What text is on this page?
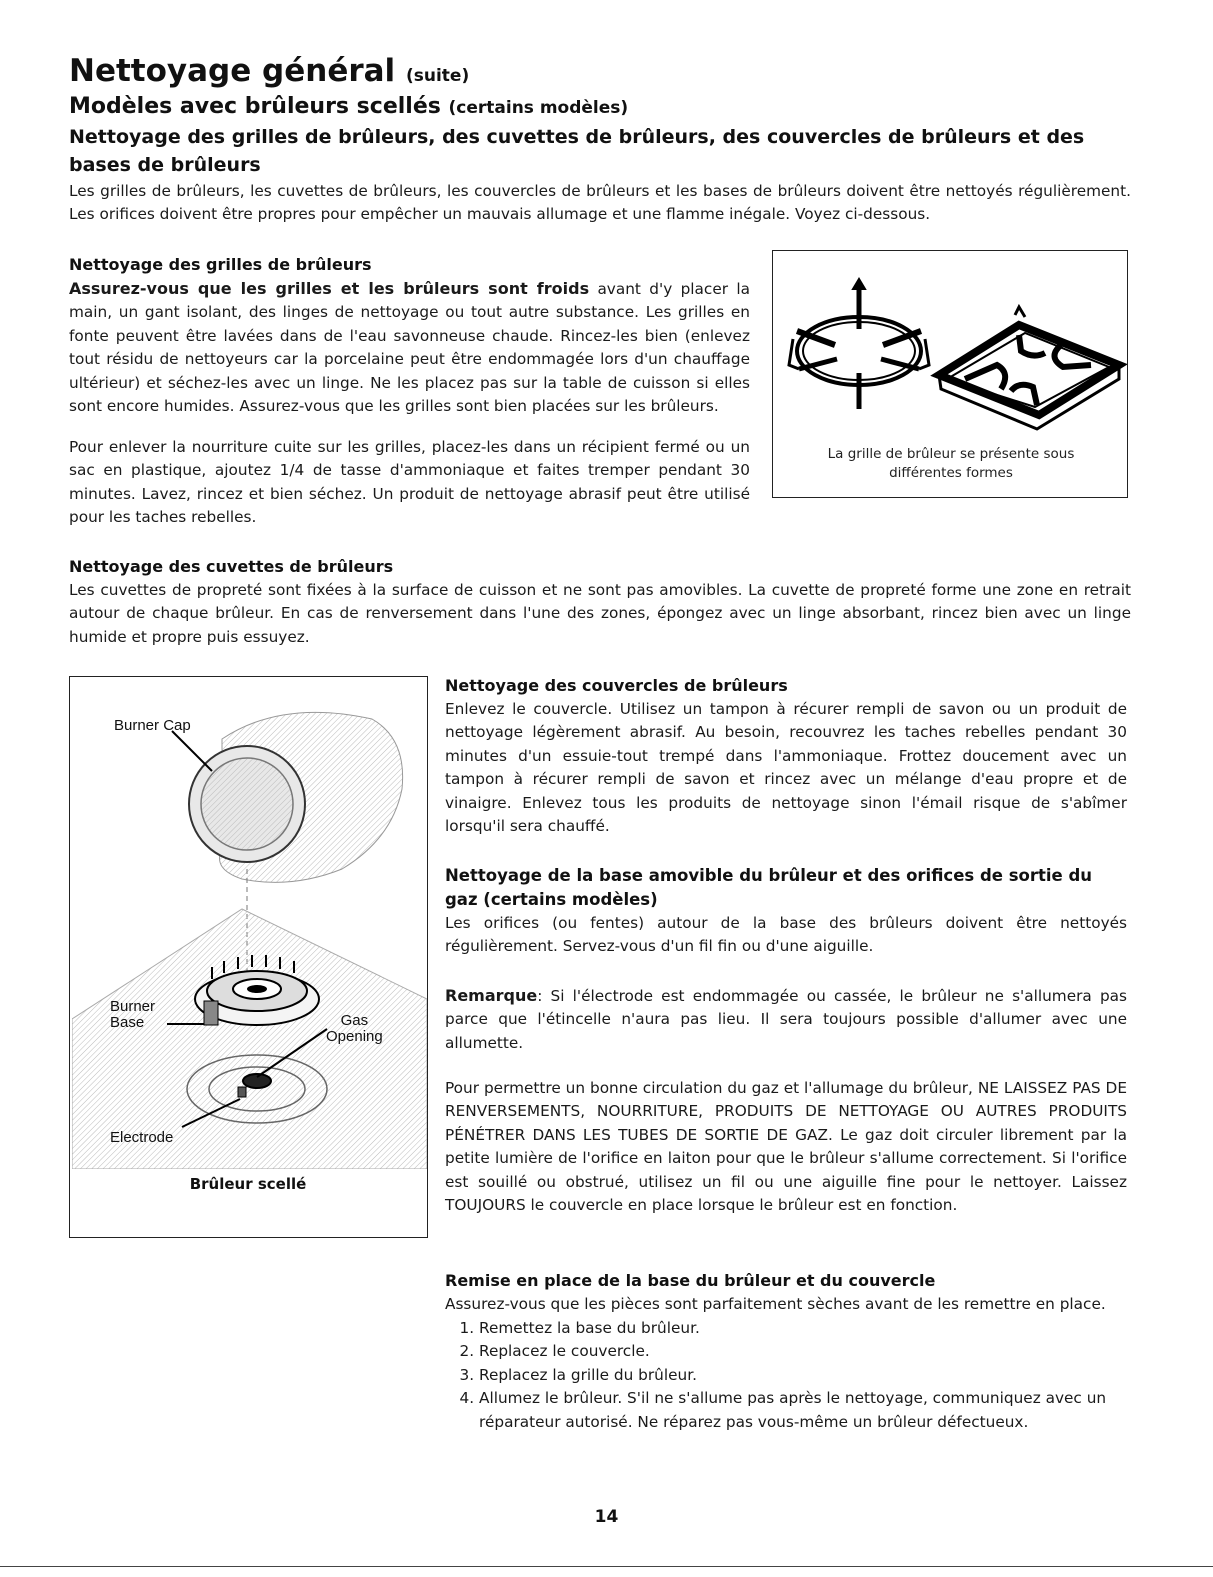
Nettoyage général (suite)
Modèles avec brûleurs scellés (certains modèles)
Nettoyage des grilles de brûleurs, des cuvettes de brûleurs, des couvercles de brûleurs et des bases de brûleurs
Les grilles de brûleurs, les cuvettes de brûleurs, les couvercles de brûleurs et les bases de brûleurs doivent être nettoyés régulièrement. Les orifices doivent être propres pour empêcher un mauvais allumage et une flamme inégale. Voyez ci-dessous.
Nettoyage des grilles de brûleurs
Assurez-vous que les grilles et les brûleurs sont froids avant d'y placer la main, un gant isolant, des linges de nettoyage ou tout autre substance. Les grilles en fonte peuvent être lavées dans de l'eau savonneuse chaude. Rincez-les bien (enlevez tout résidu de nettoyeurs car la porcelaine peut être endommagée lors d'un chauffage ultérieur) et séchez-les avec un linge. Ne les placez pas sur la table de cuisson si elles sont encore humides. Assurez-vous que les grilles sont bien placées sur les brûleurs.
Pour enlever la nourriture cuite sur les grilles, placez-les dans un récipient fermé ou un sac en plastique, ajoutez 1/4 de tasse d'ammoniaque et faites tremper pendant 30 minutes. Lavez, rincez et bien séchez. Un produit de nettoyage abrasif peut être utilisé pour les taches rebelles.
La grille de brûleur se présente sous différentes formes
Nettoyage des cuvettes de brûleurs
Les cuvettes de propreté sont fixées à la surface de cuisson et ne sont pas amovibles. La cuvette de propreté forme une zone en retrait autour de chaque brûleur. En cas de renversement dans l'une des zones, épongez avec un linge absorbant, rincez bien avec un linge humide et propre puis essuyez.
Burner Cap
Burner
Base	Gas
Opening
Electrode
Brûleur scellé
Nettoyage des couvercles de brûleurs
Enlevez le couvercle. Utilisez un tampon à récurer rempli de savon ou un produit de nettoyage légèrement abrasif. Au besoin, recouvrez les taches rebelles pendant 30 minutes d'un essuie-tout trempé dans l'ammoniaque. Frottez doucement avec un tampon à récurer rempli de savon et rincez avec un mélange d'eau propre et de vinaigre. Enlevez tous les produits de nettoyage sinon l'émail risque de s'abîmer lorsqu'il sera chauffé.
Nettoyage de la base amovible du brûleur et des orifices de sortie du gaz (certains modèles)
Les orifices (ou fentes) autour de la base des brûleurs doivent être nettoyés régulièrement. Servez-vous d'un fil fin ou d'une aiguille.
Remarque: Si l'électrode est endommagée ou cassée, le brûleur ne s'allumera pas parce que l'étincelle n'aura pas lieu. Il sera toujours possible d'allumer avec une allumette.
Pour permettre un bonne circulation du gaz et l'allumage du brûleur, NE LAISSEZ PAS DE RENVERSEMENTS, NOURRITURE, PRODUITS DE NETTOYAGE OU AUTRES PRODUITS PÉNÉTRER DANS LES TUBES DE SORTIE DE GAZ. Le gaz doit circuler librement par la petite lumière de l'orifice en laiton pour que le brûleur s'allume correctement. Si l'orifice est souillé ou obstrué, utilisez un fil ou une aiguille fine pour le nettoyer. Laissez TOUJOURS le couvercle en place lorsque le brûleur est en fonction.
Remise en place de la base du brûleur et du couvercle
Assurez-vous que les pièces sont parfaitement sèches avant de les remettre en place.
1. Remettez la base du brûleur.
2. Replacez le couvercle.
3. Replacez la grille du brûleur.
4. Allumez le brûleur. S'il ne s'allume pas après le nettoyage, communiquez avec un réparateur autorisé. Ne réparez pas vous-même un brûleur défectueux.
14
